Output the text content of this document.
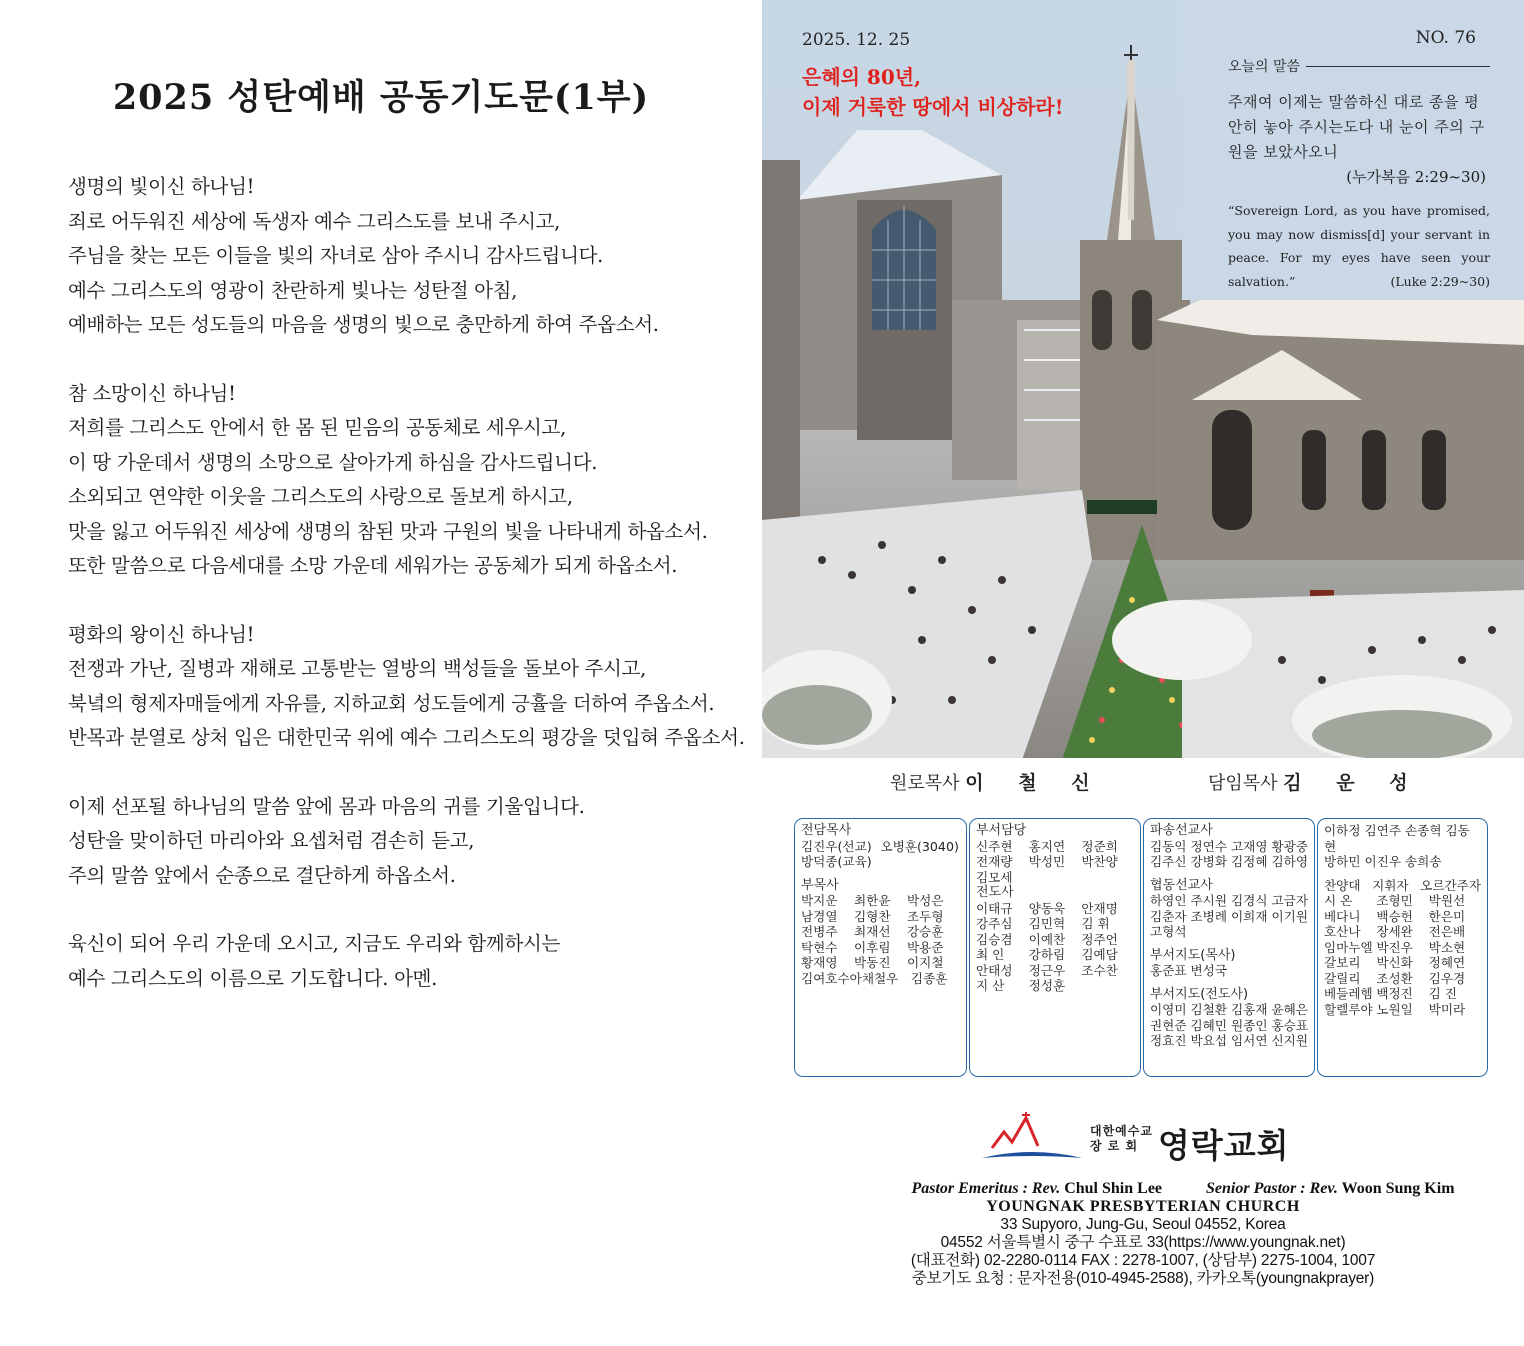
2025 성탄예배 공동기도문(1부)
생명의 빛이신 하나님!
죄로 어두워진 세상에 독생자 예수 그리스도를 보내 주시고,
주님을 찾는 모든 이들을 빛의 자녀로 삼아 주시니 감사드립니다.
예수 그리스도의 영광이 찬란하게 빛나는 성탄절 아침,
예배하는 모든 성도들의 마음을 생명의 빛으로 충만하게 하여 주옵소서.
참 소망이신 하나님!
저희를 그리스도 안에서 한 몸 된 믿음의 공동체로 세우시고,
이 땅 가운데서 생명의 소망으로 살아가게 하심을 감사드립니다.
소외되고 연약한 이웃을 그리스도의 사랑으로 돌보게 하시고,
맛을 잃고 어두워진 세상에 생명의 참된 맛과 구원의 빛을 나타내게 하옵소서.
또한 말씀으로 다음세대를 소망 가운데 세워가는 공동체가 되게 하옵소서.
평화의 왕이신 하나님!
전쟁과 가난, 질병과 재해로 고통받는 열방의 백성들을 돌보아 주시고,
북녘의 형제자매들에게 자유를, 지하교회 성도들에게 긍휼을 더하여 주옵소서.
반목과 분열로 상처 입은 대한민국 위에 예수 그리스도의 평강을 덧입혀 주옵소서.
이제 선포될 하나님의 말씀 앞에 몸과 마음의 귀를 기울입니다.
성탄을 맞이하던 마리아와 요셉처럼 겸손히 듣고,
주의 말씀 앞에서 순종으로 결단하게 하옵소서.
육신이 되어 우리 가운데 오시고, 지금도 우리와 함께하시는
예수 그리스도의 이름으로 기도합니다. 아멘.
2025. 12. 25	NO. 76
은혜의 80년,
이제 거룩한 땅에서 비상하라!
오늘의 말씀
주재여 이제는 말씀하신 대로 종을 평안히 놓아 주시는도다 내 눈이 주의 구원을 보았사오니
(누가복음 2:29~30)
“Sovereign Lord, as you have promised, you may now dismiss[d] your servant in peace. For my eyes have seen your salvation.”	(Luke 2:29~30)
원로목사 이 철 신	담임목사 김 운 성
전담목사
김진우(선교) 오병훈(3040)
방덕종(교육)
부목사
박지운	최한윤	박성은
남경열	김형찬	조두형
전병주	최재선	강승훈
탁현수	이후림	박용준
황재영	박동진	이지철
김여호수아 채철우 김종훈
부서담당
신주현	홍지연	정준희
전재량	박성민	박찬양
김모세
전도사
이태규	양동욱	안재명
강주심	김민혁	김 휘
김승겸	이예찬	정주언
최 인	강하림	김예담
안태성	정근우	조수찬
지 산	정성훈
파송선교사
김동익 정연수 고재영 황광중
김주신 강병화 김정혜 김하영
협동선교사
하영인 주시원 김경식 고금자
김춘자 조병례 이희재 이기원
고형석
부서지도(목사)
홍준표 변성국
부서지도(전도사)
이영미 김철환 김홍재 윤혜은
권현준 김혜민 원종인 홍승표
정효진 박요섭 임서연 신지원
이하정 김연주 손종혁 김동현
방하민 이진우 송희송
찬양대 지휘자 오르간주자
시 온	조형민	박원선
베다니	백승헌	한은미
호산나	장세완	전은배
임마누엘 박진우	박소현
갈보리	박신화	정혜연
갈릴리	조성환	김우경
베들레헴 백정진	김 진
할렐루야 노원일	박미라
대한예수교
장 로 회 영락교회
Pastor Emeritus : Rev. Chul Shin Lee	Senior Pastor : Rev. Woon Sung Kim
YOUNGNAK PRESBYTERIAN CHURCH
33 Supyoro, Jung-Gu, Seoul 04552, Korea
04552 서울특별시 중구 수표로 33(https://www.youngnak.net)
(대표전화) 02-2280-0114 FAX : 2278-1007, (상담부) 2275-1004, 1007
중보기도 요청 : 문자전용(010-4945-2588), 카카오톡(youngnakprayer)
